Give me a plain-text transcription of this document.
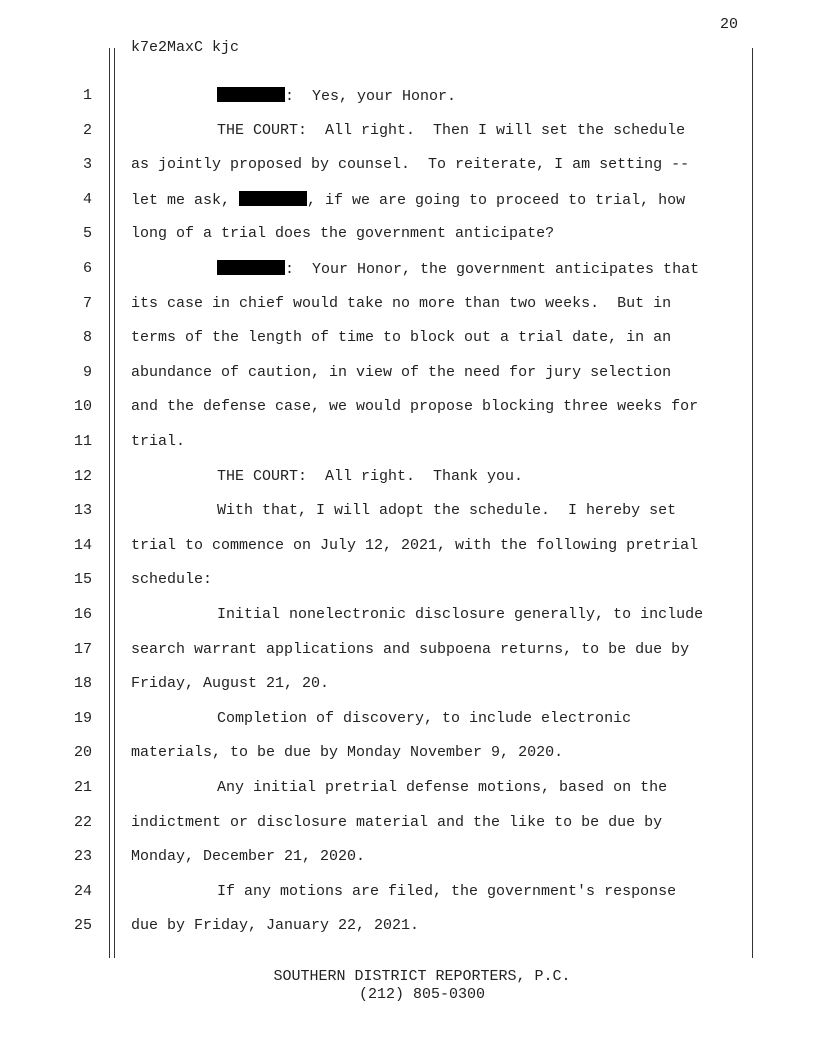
20
k7e2MaxC kjc
1	:  Yes, your Honor.
2	THE COURT:  All right.  Then I will set the schedule
3	as jointly proposed by counsel.  To reiterate, I am setting --
4	let me ask,	, if we are going to proceed to trial, how
5	long of a trial does the government anticipate?
6	:  Your Honor, the government anticipates that
7	its case in chief would take no more than two weeks.  But in
8	terms of the length of time to block out a trial date, in an
9	abundance of caution, in view of the need for jury selection
10	and the defense case, we would propose blocking three weeks for
11	trial.
12	THE COURT:  All right.  Thank you.
13	With that, I will adopt the schedule.  I hereby set
14	trial to commence on July 12, 2021, with the following pretrial
15	schedule:
16	Initial nonelectronic disclosure generally, to include
17	search warrant applications and subpoena returns, to be due by
18	Friday, August 21, 20.
19	Completion of discovery, to include electronic
20	materials, to be due by Monday November 9, 2020.
21	Any initial pretrial defense motions, based on the
22	indictment or disclosure material and the like to be due by
23	Monday, December 21, 2020.
24	If any motions are filed, the government's response
25	due by Friday, January 22, 2021.
SOUTHERN DISTRICT REPORTERS, P.C.
(212) 805-0300
